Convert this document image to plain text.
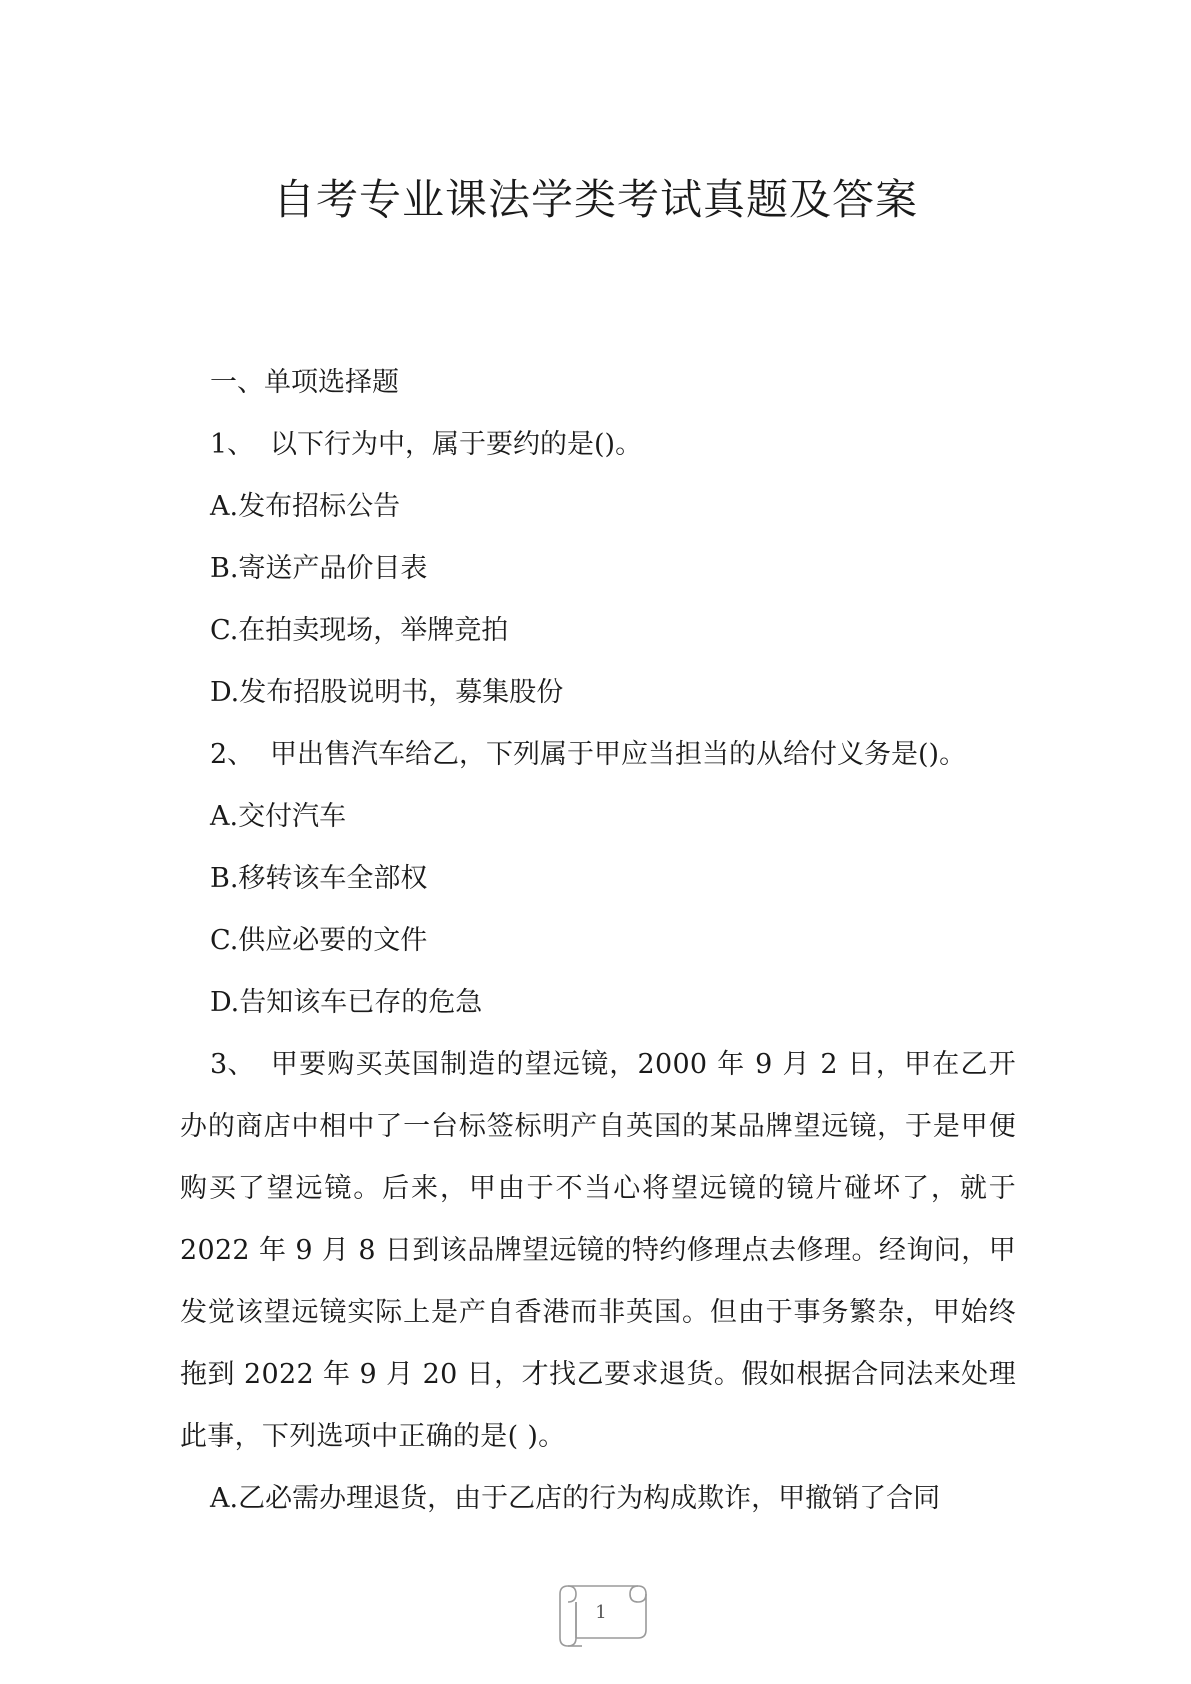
自考专业课法学类考试真题及答案

一、单项选择题

1、 以下行为中，属于要约的是()。

A.发布招标公告

B.寄送产品价目表

C.在拍卖现场，举牌竞拍

D.发布招股说明书，募集股份

2、 甲出售汽车给乙，下列属于甲应当担当的从给付义务是()。

A.交付汽车

B.移转该车全部权

C.供应必要的文件

D.告知该车已存的危急

3、 甲要购买英国制造的望远镜，2000 年 9 月 2 日，甲在乙开办的商店中相中了一台标签标明产自英国的某品牌望远镜，于是甲便购买了望远镜。后来，甲由于不当心将望远镜的镜片碰坏了，就于 2022 年 9 月 8 日到该品牌望远镜的特约修理点去修理。经询问，甲发觉该望远镜实际上是产自香港而非英国。但由于事务繁杂，甲始终拖到 2022 年 9 月 20 日，才找乙要求退货。假如根据合同法来处理此事，下列选项中正确的是( )。

A.乙必需办理退货，由于乙店的行为构成欺诈，甲撤销了合同

1
